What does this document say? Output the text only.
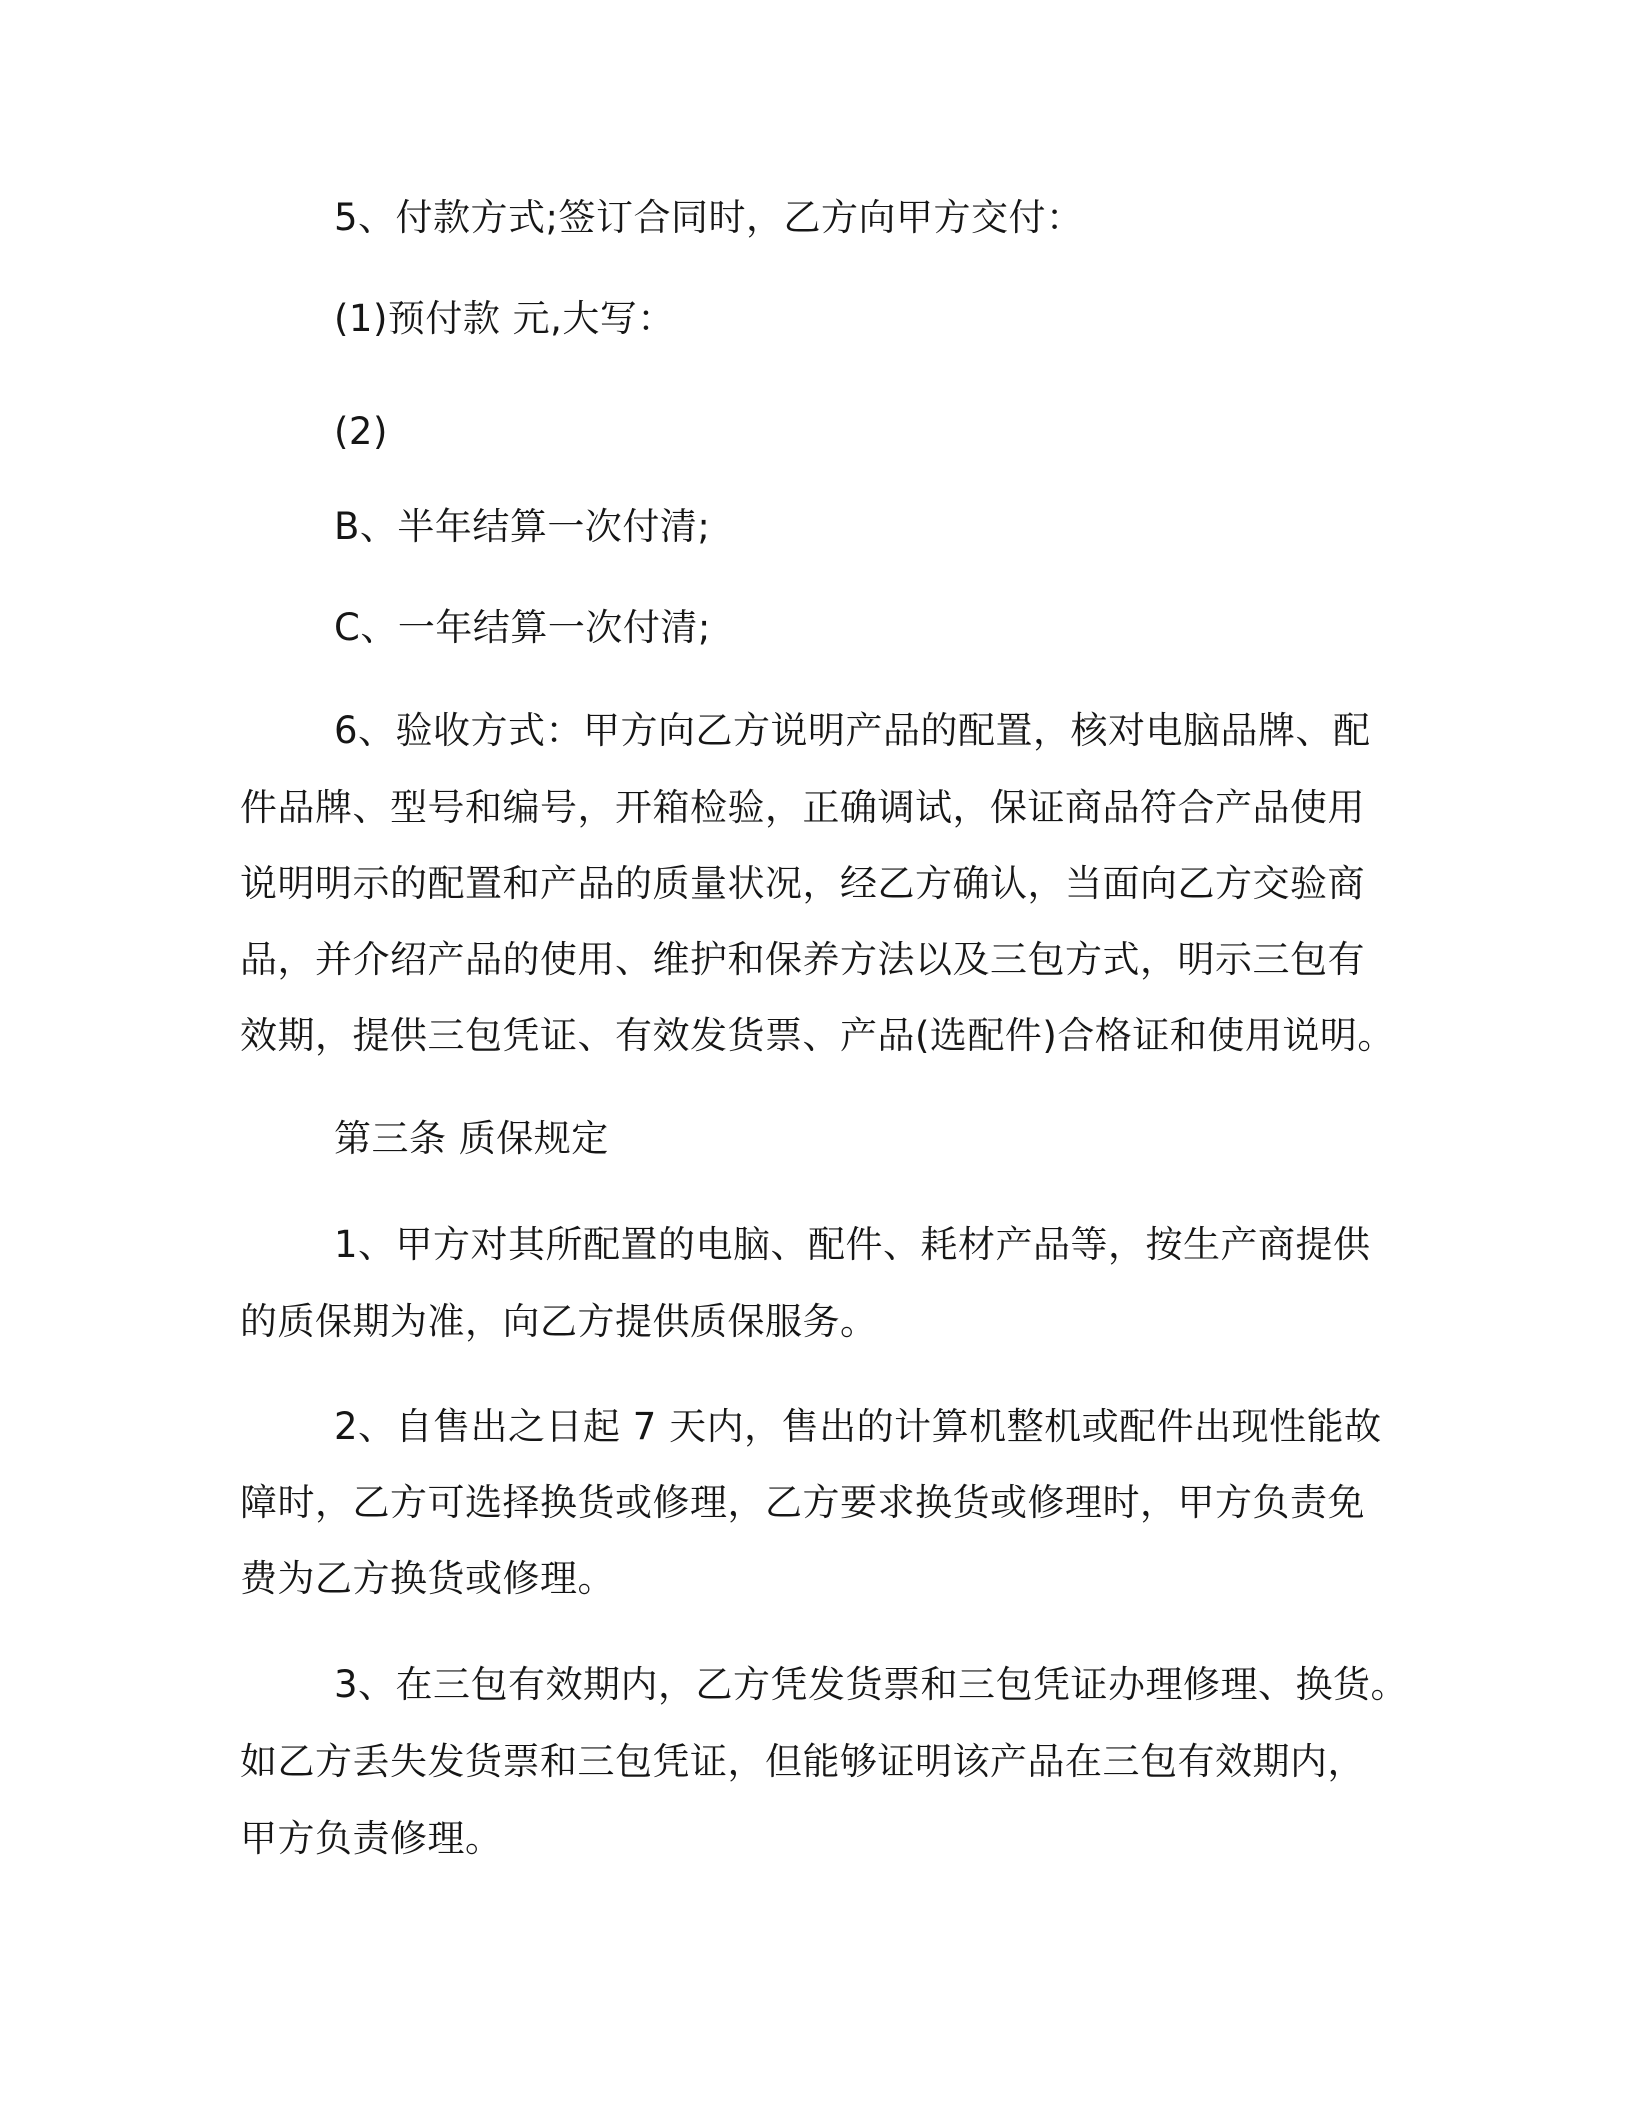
5、付款方式;签订合同时，乙方向甲方交付：
(1)预付款 元,大写：
(2)
B、半年结算一次付清;
C、一年结算一次付清;
6、验收方式：甲方向乙方说明产品的配置，核对电脑品牌、配
件品牌、型号和编号，开箱检验，正确调试，保证商品符合产品使用
说明明示的配置和产品的质量状况，经乙方确认，当面向乙方交验商
品，并介绍产品的使用、维护和保养方法以及三包方式，明示三包有
效期，提供三包凭证、有效发货票、产品(选配件)合格证和使用说明。
第三条 质保规定
1、甲方对其所配置的电脑、配件、耗材产品等，按生产商提供
的质保期为准，向乙方提供质保服务。
2、自售出之日起 7 天内，售出的计算机整机或配件出现性能故
障时，乙方可选择换货或修理，乙方要求换货或修理时，甲方负责免
费为乙方换货或修理。
3、在三包有效期内，乙方凭发货票和三包凭证办理修理、换货。
如乙方丢失发货票和三包凭证，但能够证明该产品在三包有效期内，
甲方负责修理。
